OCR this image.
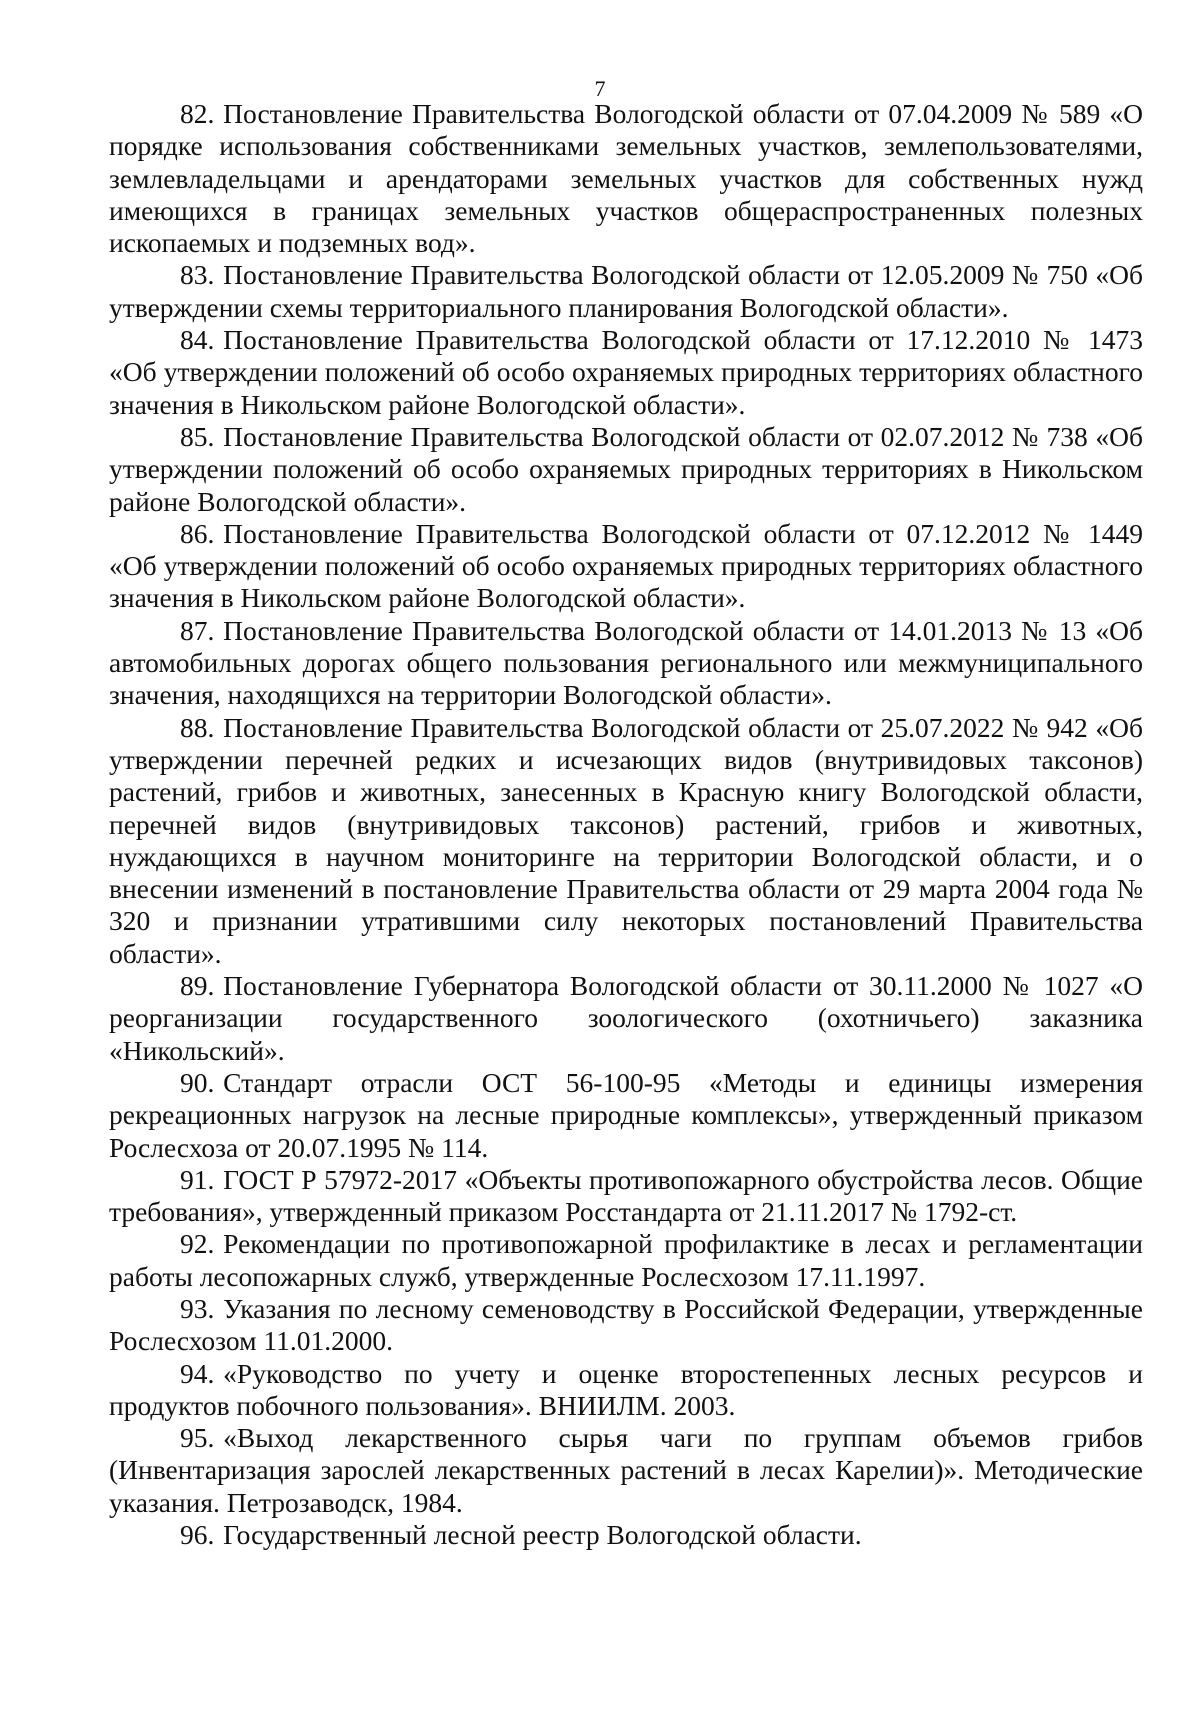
7

82. Постановление Правительства Вологодской области от 07.04.2009 № 589 «О порядке использования собственниками земельных участков, землепользователями, землевладельцами и арендаторами земельных участков для собственных нужд имеющихся в границах земельных участков общераспространенных полезных ископаемых и подземных вод».

83. Постановление Правительства Вологодской области от 12.05.2009 № 750 «Об утверждении схемы территориального планирования Вологодской области».

84. Постановление Правительства Вологодской области от 17.12.2010 № 1473 «Об утверждении положений об особо охраняемых природных территориях областного значения в Никольском районе Вологодской области».

85. Постановление Правительства Вологодской области от 02.07.2012 № 738 «Об утверждении положений об особо охраняемых природных территориях в Никольском районе Вологодской области».

86. Постановление Правительства Вологодской области от 07.12.2012 № 1449 «Об утверждении положений об особо охраняемых природных территориях областного значения в Никольском районе Вологодской области».

87. Постановление Правительства Вологодской области от 14.01.2013 № 13 «Об автомобильных дорогах общего пользования регионального или межмуниципального значения, находящихся на территории Вологодской области».

88. Постановление Правительства Вологодской области от 25.07.2022 № 942 «Об утверждении перечней редких и исчезающих видов (внутривидовых таксонов) растений, грибов и животных, занесенных в Красную книгу Вологодской области, перечней видов (внутривидовых таксонов) растений, грибов и животных, нуждающихся в научном мониторинге на территории Вологодской области, и о внесении изменений в постановление Правительства области от 29 марта 2004 года № 320 и признании утратившими силу некоторых постановлений Правительства области».

89. Постановление Губернатора Вологодской области от 30.11.2000 № 1027 «О реорганизации государственного зоологического (охотничьего) заказника «Никольский».

90. Стандарт отрасли ОСТ 56-100-95 «Методы и единицы измерения рекреационных нагрузок на лесные природные комплексы», утвержденный приказом Рослесхоза от 20.07.1995 № 114.

91. ГОСТ Р 57972-2017 «Объекты противопожарного обустройства лесов. Общие требования», утвержденный приказом Росстандарта от 21.11.2017 № 1792-ст.

92. Рекомендации по противопожарной профилактике в лесах и регламентации работы лесопожарных служб, утвержденные Рослесхозом 17.11.1997.

93. Указания по лесному семеноводству в Российской Федерации, утвержденные Рослесхозом 11.01.2000.

94. «Руководство по учету и оценке второстепенных лесных ресурсов и продуктов побочного пользования». ВНИИЛМ. 2003.

95. «Выход лекарственного сырья чаги по группам объемов грибов (Инвентаризация зарослей лекарственных растений в лесах Карелии)». Методические указания. Петрозаводск, 1984.

96. Государственный лесной реестр Вологодской области.
